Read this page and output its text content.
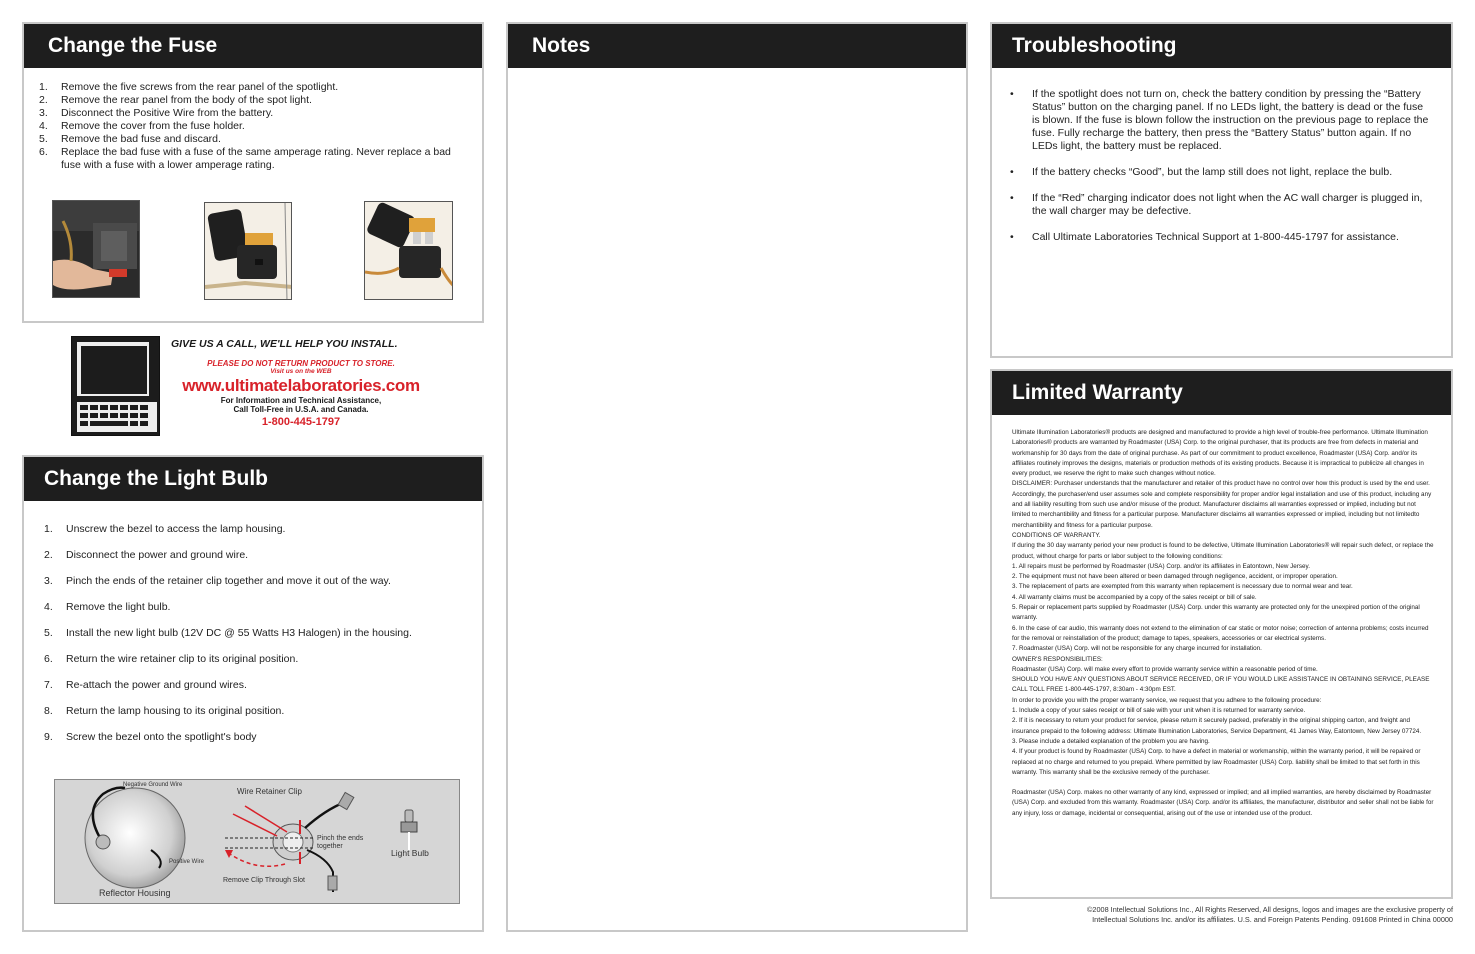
Change the Fuse
1.	Remove the five screws from the rear panel of the spotlight.
2.	Remove the rear panel from the body of the spot light.
3.	Disconnect the Positive Wire from the battery.
4.	Remove the cover from the fuse holder.
5.	Remove the bad fuse and discard.
6.	Replace the bad fuse with a fuse of the same amperage rating. Never replace a bad fuse with a fuse with a lower amperage rating.
GIVE US A CALL, WE'LL HELP YOU INSTALL.
PLEASE DO NOT RETURN PRODUCT TO STORE.
Visit us on the WEB
www.ultimatelaboratories.com
For Information and Technical Assistance,
Call Toll-Free in U.S.A. and Canada.
1-800-445-1797
Change the Light Bulb
1.	Unscrew the bezel to access the lamp housing.
2.	Disconnect the power and ground wire.
3.	Pinch the ends of the retainer clip together and move it out of the way.
4.	Remove the light bulb.
5.	Install the new light bulb (12V DC @ 55 Watts H3 Halogen) in the housing.
6.	Return the wire retainer clip to its original position.
7.	Re-attach the power and ground wires.
8.	Return the lamp housing to its original position.
9.	Screw the bezel onto the spotlight's body
Negative Ground Wire
Positive Wire
Reflector Housing
Wire Retainer Clip
Pinch the ends together
Remove Clip Through Slot
Light Bulb
Notes	Troubleshooting
•	If the spotlight does not turn on, check the battery condition by pressing the “Battery Status” button on the charging panel. If no LEDs light, the battery is dead or the fuse is blown. If the fuse is blown follow the instruction on the previous page to replace the fuse. Fully recharge the battery, then press the “Battery Status” button again. If no LEDs light, the battery must be replaced.
•	If the battery checks “Good”, but the lamp still does not light, replace the bulb.
•	If the “Red” charging indicator does not light when the AC wall charger is plugged in, the wall charger may be defective.
•	Call Ultimate Laboratories Technical Support at 1-800-445-1797 for assistance.
Limited Warranty

Ultimate Illumination Laboratories® products are designed and manufactured to provide a high level of trouble-free performance. Ultimate Illumination Laboratories® products are warranted by Roadmaster (USA) Corp. to the original purchaser, that its products are free from defects in material and workmanship for 30 days from the date of original purchase. As part of our commitment to product excellence, Roadmaster (USA) Corp. and/or its affiliates routinely improves the designs, materials or production methods of its existing products. Because it is impractical to publicize all changes in every product, we reserve the right to make such changes without notice.

DISCLAIMER: Purchaser understands that the manufacturer and retailer of this product have no control over how this product is used by the end user. Accordingly, the purchaser/end user assumes sole and complete responsibility for proper and/or legal installation and use of this product, including any and all liability resulting from such use and/or misuse of the product. Manufacturer disclaims all warranties expressed or implied, including but not limited to merchantibility and fitness for a particular purpose. Manufacturer disclaims all warranties expressed or implied, including but not limitedto merchantibility and fitness for a particular purpose.

CONDITIONS OF WARRANTY.

If during the 30 day warranty period your new product is found to be defective, Ultimate Illumination Laboratories® will repair such defect, or replace the product, without charge for parts or labor subject to the following conditions:

1. All repairs must be performed by Roadmaster (USA) Corp. and/or its affiliates in Eatontown, New Jersey.

2. The equipment must not have been altered or been damaged through negligence, accident, or improper operation.

3. The replacement of parts are exempted from this warranty when replacement is necessary due to normal wear and tear.

4. All warranty claims must be accompanied by a copy of the sales receipt or bill of sale.

5. Repair or replacement parts supplied by Roadmaster (USA) Corp. under this warranty are protected only for the unexpired portion of the original warranty.

6. In the case of car audio, this warranty does not extend to the elimination of car static or motor noise; correction of antenna problems; costs incurred for the removal or reinstallation of the product; damage to tapes, speakers, accessories or car electrical systems.

7. Roadmaster (USA) Corp. will not be responsible for any charge incurred for installation.

OWNER'S RESPONSIBILITIES:

Roadmaster (USA) Corp. will make every effort to provide warranty service within a reasonable period of time.

SHOULD YOU HAVE ANY QUESTIONS ABOUT SERVICE RECEIVED, OR IF YOU WOULD LIKE ASSISTANCE IN OBTAINING SERVICE, PLEASE CALL TOLL FREE 1-800-445-1797, 8:30am - 4:30pm EST.

In order to provide you with the proper warranty service, we request that you adhere to the following procedure:

1. Include a copy of your sales receipt or bill of sale with your unit when it is returned for warranty service.

2. If it is necessary to return your product for service, please return it securely packed, preferably in the original shipping carton, and freight and insurance prepaid to the following address: Ultimate Illumination Laboratories, Service Department, 41 James Way, Eatontown, New Jersey 07724.

3. Please include a detailed explanation of the problem you are having.

4. If your product is found by Roadmaster (USA) Corp. to have a defect in material or workmanship, within the warranty period, it will be repaired or replaced at no charge and returned to you prepaid. Where permitted by law Roadmaster (USA) Corp. liability shall be limited to that set forth in this warranty. This warranty shall be the exclusive remedy of the purchaser.

Roadmaster (USA) Corp. makes no other warranty of any kind, expressed or implied; and all implied warranties, are hereby disclaimed by Roadmaster (USA) Corp. and excluded from this warranty. Roadmaster (USA) Corp. and/or its affiliates, the manufacturer, distributor and seller shall not be liable for any injury, loss or damage, incidental or consequential, arising out of the use or intended use of the product.

©2008 Intellectual Solutions Inc., All Rights Reserved, All designs, logos and images are the exclusive property of
Intellectual Solutions Inc. and/or its affiliates. U.S. and Foreign Patents Pending. 091608 Printed in China 00000
